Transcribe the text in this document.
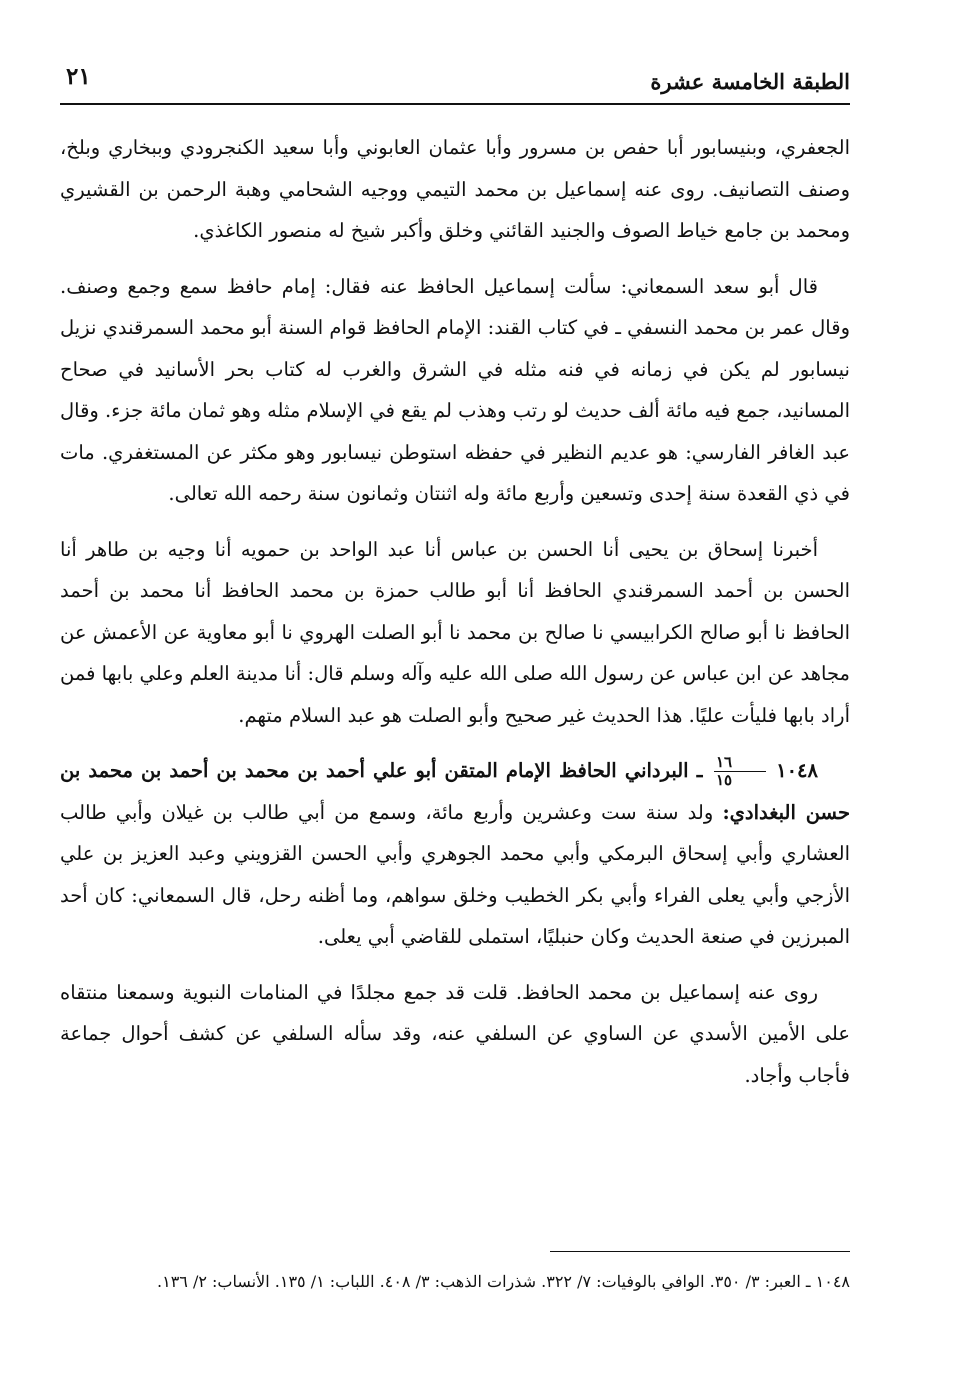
الطبقة الخامسة عشرة
٢١

الجعفري، وبنيسابور أبا حفص بن مسرور وأبا عثمان العابوني وأبا سعيد الكنجرودي وببخاري وبلخ، وصنف التصانيف. روى عنه إسماعيل بن محمد التيمي ووجيه الشحامي وهبة الرحمن بن القشيري ومحمد بن جامع خياط الصوف والجنيد القائني وخلق وأكبر شيخ له منصور الكاغذي.

قال أبو سعد السمعاني: سألت إسماعيل الحافظ عنه فقال: إمام حافظ سمع وجمع وصنف. وقال عمر بن محمد النسفي ـ في كتاب القند: الإمام الحافظ قوام السنة أبو محمد السمرقندي نزيل نيسابور لم يكن في زمانه في فنه مثله في الشرق والغرب له كتاب بحر الأسانيد في صحاح المسانيد، جمع فيه مائة ألف حديث لو رتب وهذب لم يقع في الإسلام مثله وهو ثمان مائة جزء. وقال عبد الغافر الفارسي: هو عديم النظير في حفظه استوطن نيسابور وهو مكثر عن المستغفري. مات في ذي القعدة سنة إحدى وتسعين وأربع مائة وله اثنتان وثمانون سنة رحمه الله تعالى.

أخبرنا إسحاق بن يحيى أنا الحسن بن عباس أنا عبد الواحد بن حمويه أنا وجيه بن طاهر أنا الحسن بن أحمد السمرقندي الحافظ أنا أبو طالب حمزة بن محمد الحافظ أنا محمد بن أحمد الحافظ نا أبو صالح الكرابيسي نا صالح بن محمد نا أبو الصلت الهروي نا أبو معاوية عن الأعمش عن مجاهد عن ابن عباس عن رسول الله صلى الله عليه وآله وسلم قال: أنا مدينة العلم وعلي بابها فمن أراد بابها فليأت عليًا. هذا الحديث غير صحيح وأبو الصلت هو عبد السلام متهم.

١٠٤٨
$\frac{١٦}{١٥}$
ـ البرداني الحافظ الإمام المتقن أبو علي أحمد بن محمد بن أحمد بن محمد بن حسن البغدادي: ولد سنة ست وعشرين وأربع مائة، وسمع من أبي طالب بن غيلان وأبي طالب العشاري وأبي إسحاق البرمكي وأبي محمد الجوهري وأبي الحسن القزويني وعبد العزيز بن علي الأزجي وأبي يعلى الفراء وأبي بكر الخطيب وخلق سواهم، وما أظنه رحل، قال السمعاني: كان أحد المبرزين في صنعة الحديث وكان حنبليًا، استملى للقاضي أبي يعلى.

روى عنه إسماعيل بن محمد الحافظ. قلت قد جمع مجلدًا في المنامات النبوية وسمعنا منتقاه على الأمين الأسدي عن الساوي عن السلفي عنه، وقد سأله السلفي عن كشف أحوال جماعة فأجاب وأجاد.

١٠٤٨ ـ العبر: ٣/ ٣٥٠. الوافي بالوفيات: ٧/ ٣٢٢. شذرات الذهب: ٣/ ٤٠٨. اللباب: ١/ ١٣٥. الأنساب: ٢/ ١٣٦.
